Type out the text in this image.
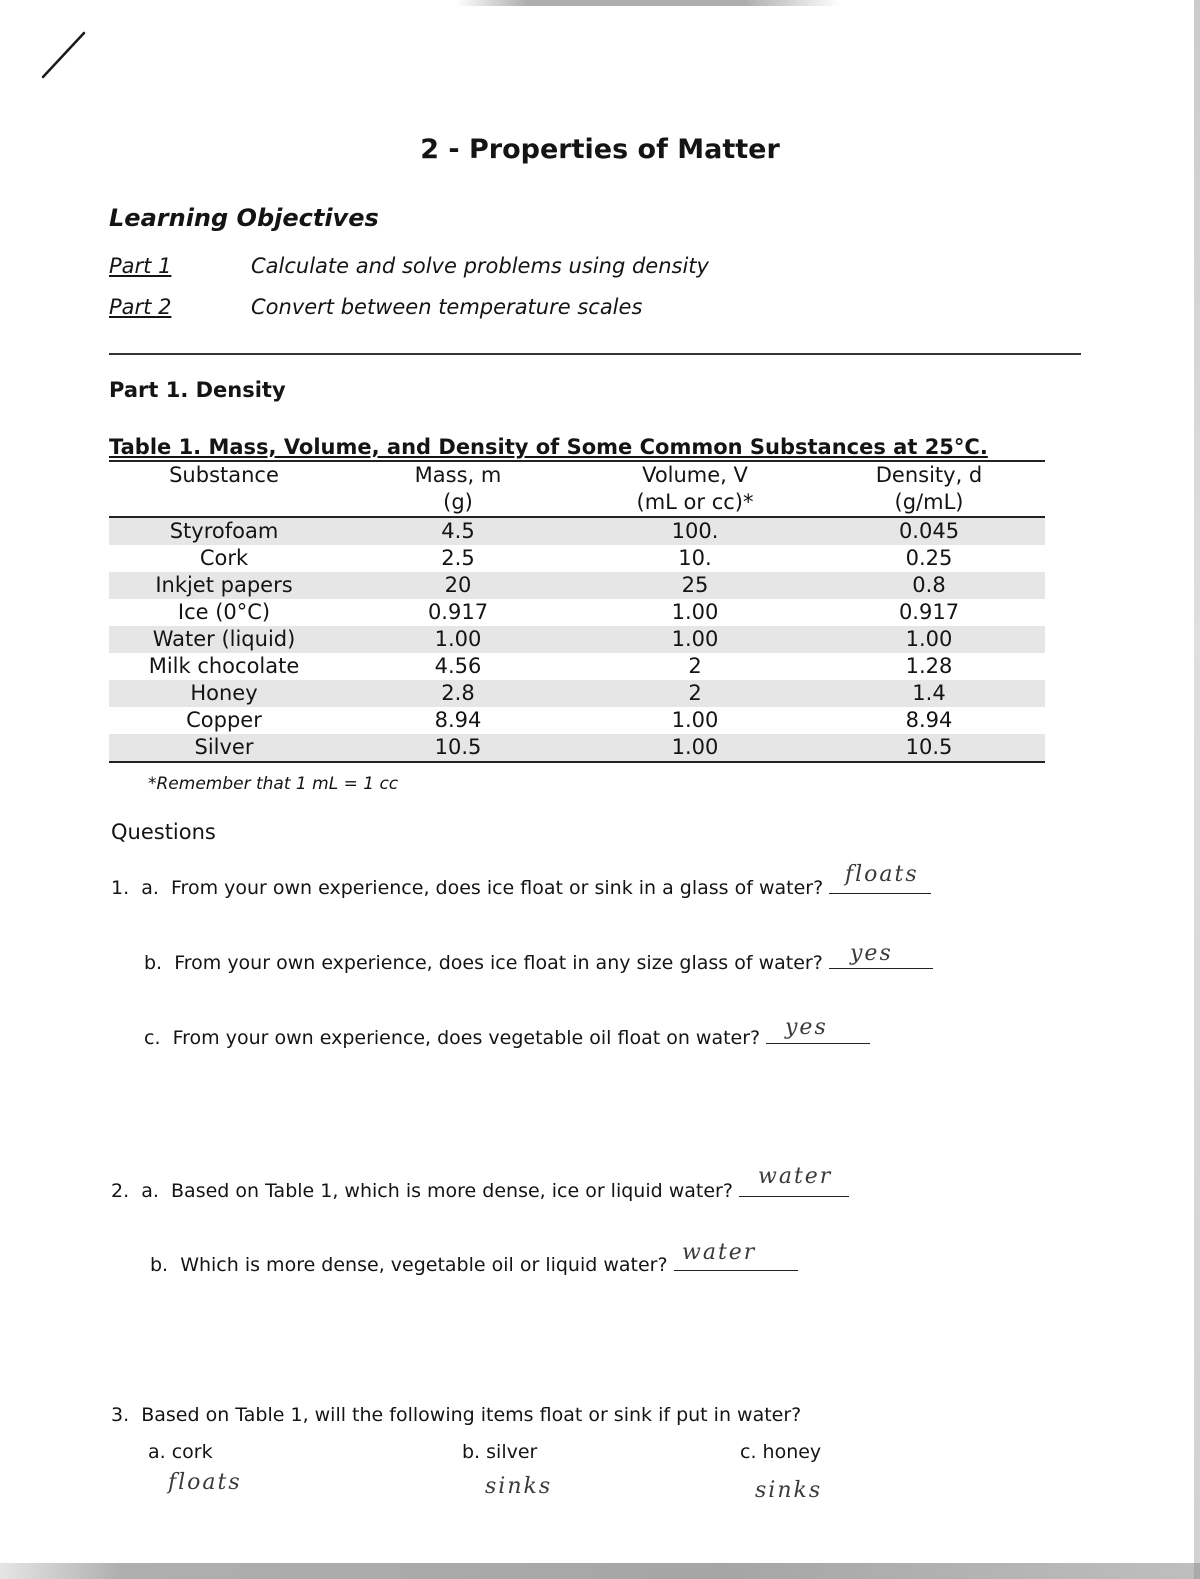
2 - Properties of Matter
Learning Objectives
Part 1	Calculate and solve problems using density
Part 2	Convert between temperature scales
Part 1. Density
Table 1. Mass, Volume, and Density of Some Common Substances at 25°C.
Substance	Mass, m	Volume, V	Density, d
	(g)	(mL or cc)*	(g/mL)
Styrofoam	4.5	100.	0.045
Cork	2.5	10.	0.25
Inkjet papers	20	25	0.8
Ice (0°C)	0.917	1.00	0.917
Water (liquid)	1.00	1.00	1.00
Milk chocolate	4.56	2	1.28
Honey	2.8	2	1.4
Copper	8.94	1.00	8.94
Silver	10.5	1.00	10.5
*Remember that 1 mL = 1 cc
Questions
1. a. From your own experience, does ice float or sink in a glass of water?
floats
b. From your own experience, does ice float in any size glass of water?	yes
c. From your own experience, does vegetable oil float on water?	yes
2. a. Based on Table 1, which is more dense, ice or liquid water?
water
b. Which is more dense, vegetable oil or liquid water? water
3. Based on Table 1, will the following items float or sink if put in water?
a. cork	b. silver	c. honey
floats	sinks	sinks
